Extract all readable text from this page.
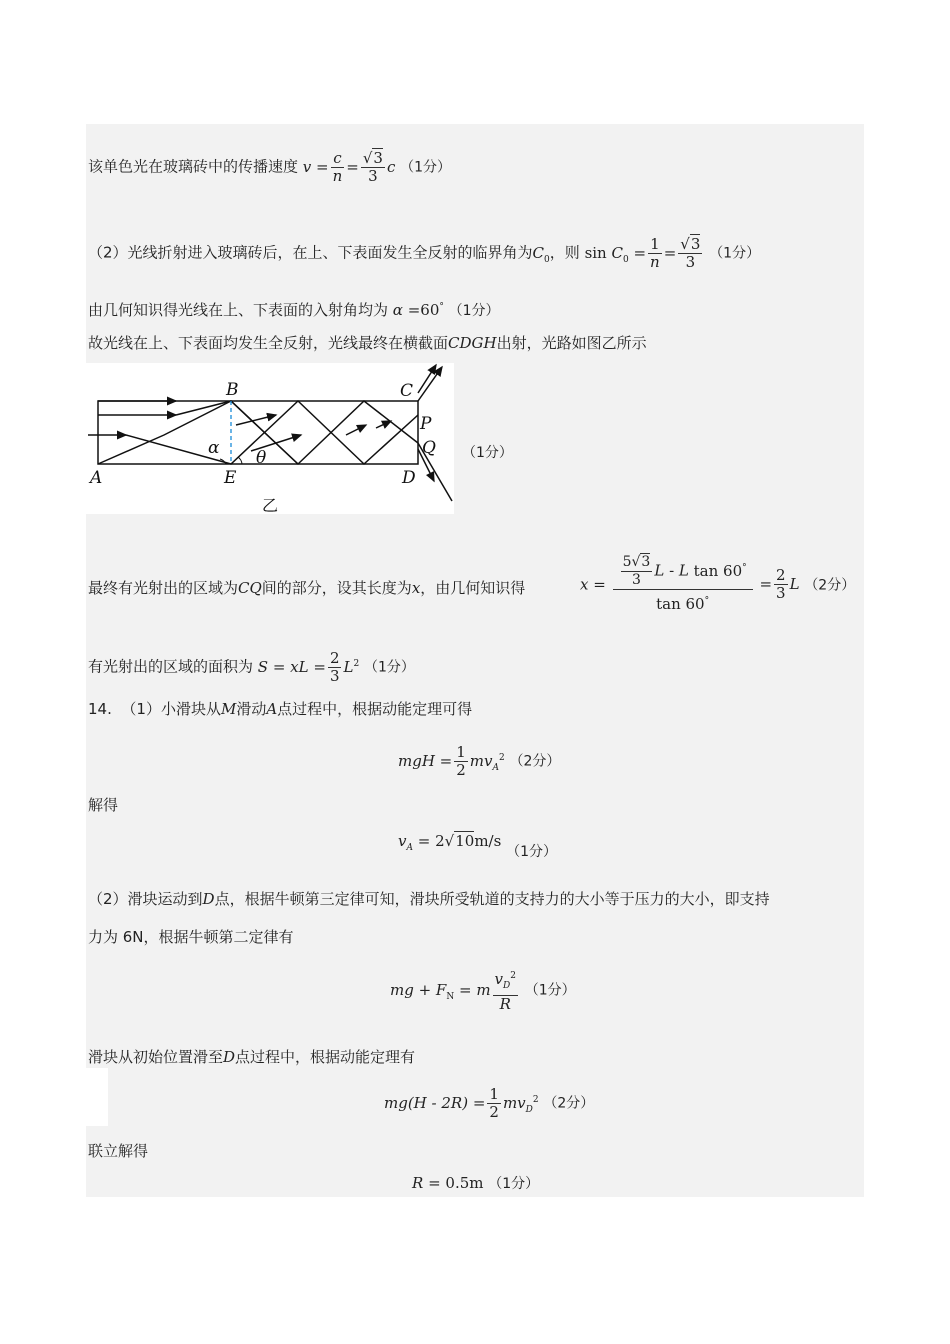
该单色光在玻璃砖中的传播速度 $v = \frac{c}{n} = \frac{√3}{3}$ c （1分）
（2）光线折射进入玻璃砖后，在上、下表面发生全反射的临界角为$C_0$，则 $\sin C_0 = \frac{1}{n} = \frac{√3}{3} (1$分）
由几何知识得光线在上、下表面的入射角均为 α =60° （1分）
故光线在上、下表面均发生全反射，光线最终在横截面CDGH出射，光路如图乙所示
B	C
P
Q
α θ
A	E	D
乙
（1分）
最终有光射出的区域为CQ间的部分，设其长度为x，由几何知识得	$x = \frac{\frac{5√3}{3} L - L \tan 60^\circ}{\tan 60^\circ} = \frac{2}{3}$ L （2分）
有光射出的区域的面积为 S = xL = $\frac{2}{3} L^2$ （1分）
14. （1）小滑块从M滑动A点过程中，根据动能定理可得
mgH = $\frac{1}{2} mv_A^2$ （2分）
解得
$v_A = 2√10m/s$ （1分）
（2）滑块运动到D点，根据牛顿第三定律可知，滑块所受轨道的支持力的大小等于压力的大小，即支持
力为 6N，根据牛顿第二定律有
mg + $F_N = m \frac{v_D^2}{R} (1$分）
滑块从初始位置滑至D点过程中，根据动能定理有
$mg(H - 2R) = \frac{1}{2} mv_D^2$ （2分）
联立解得
R = 0.5m （1分）
